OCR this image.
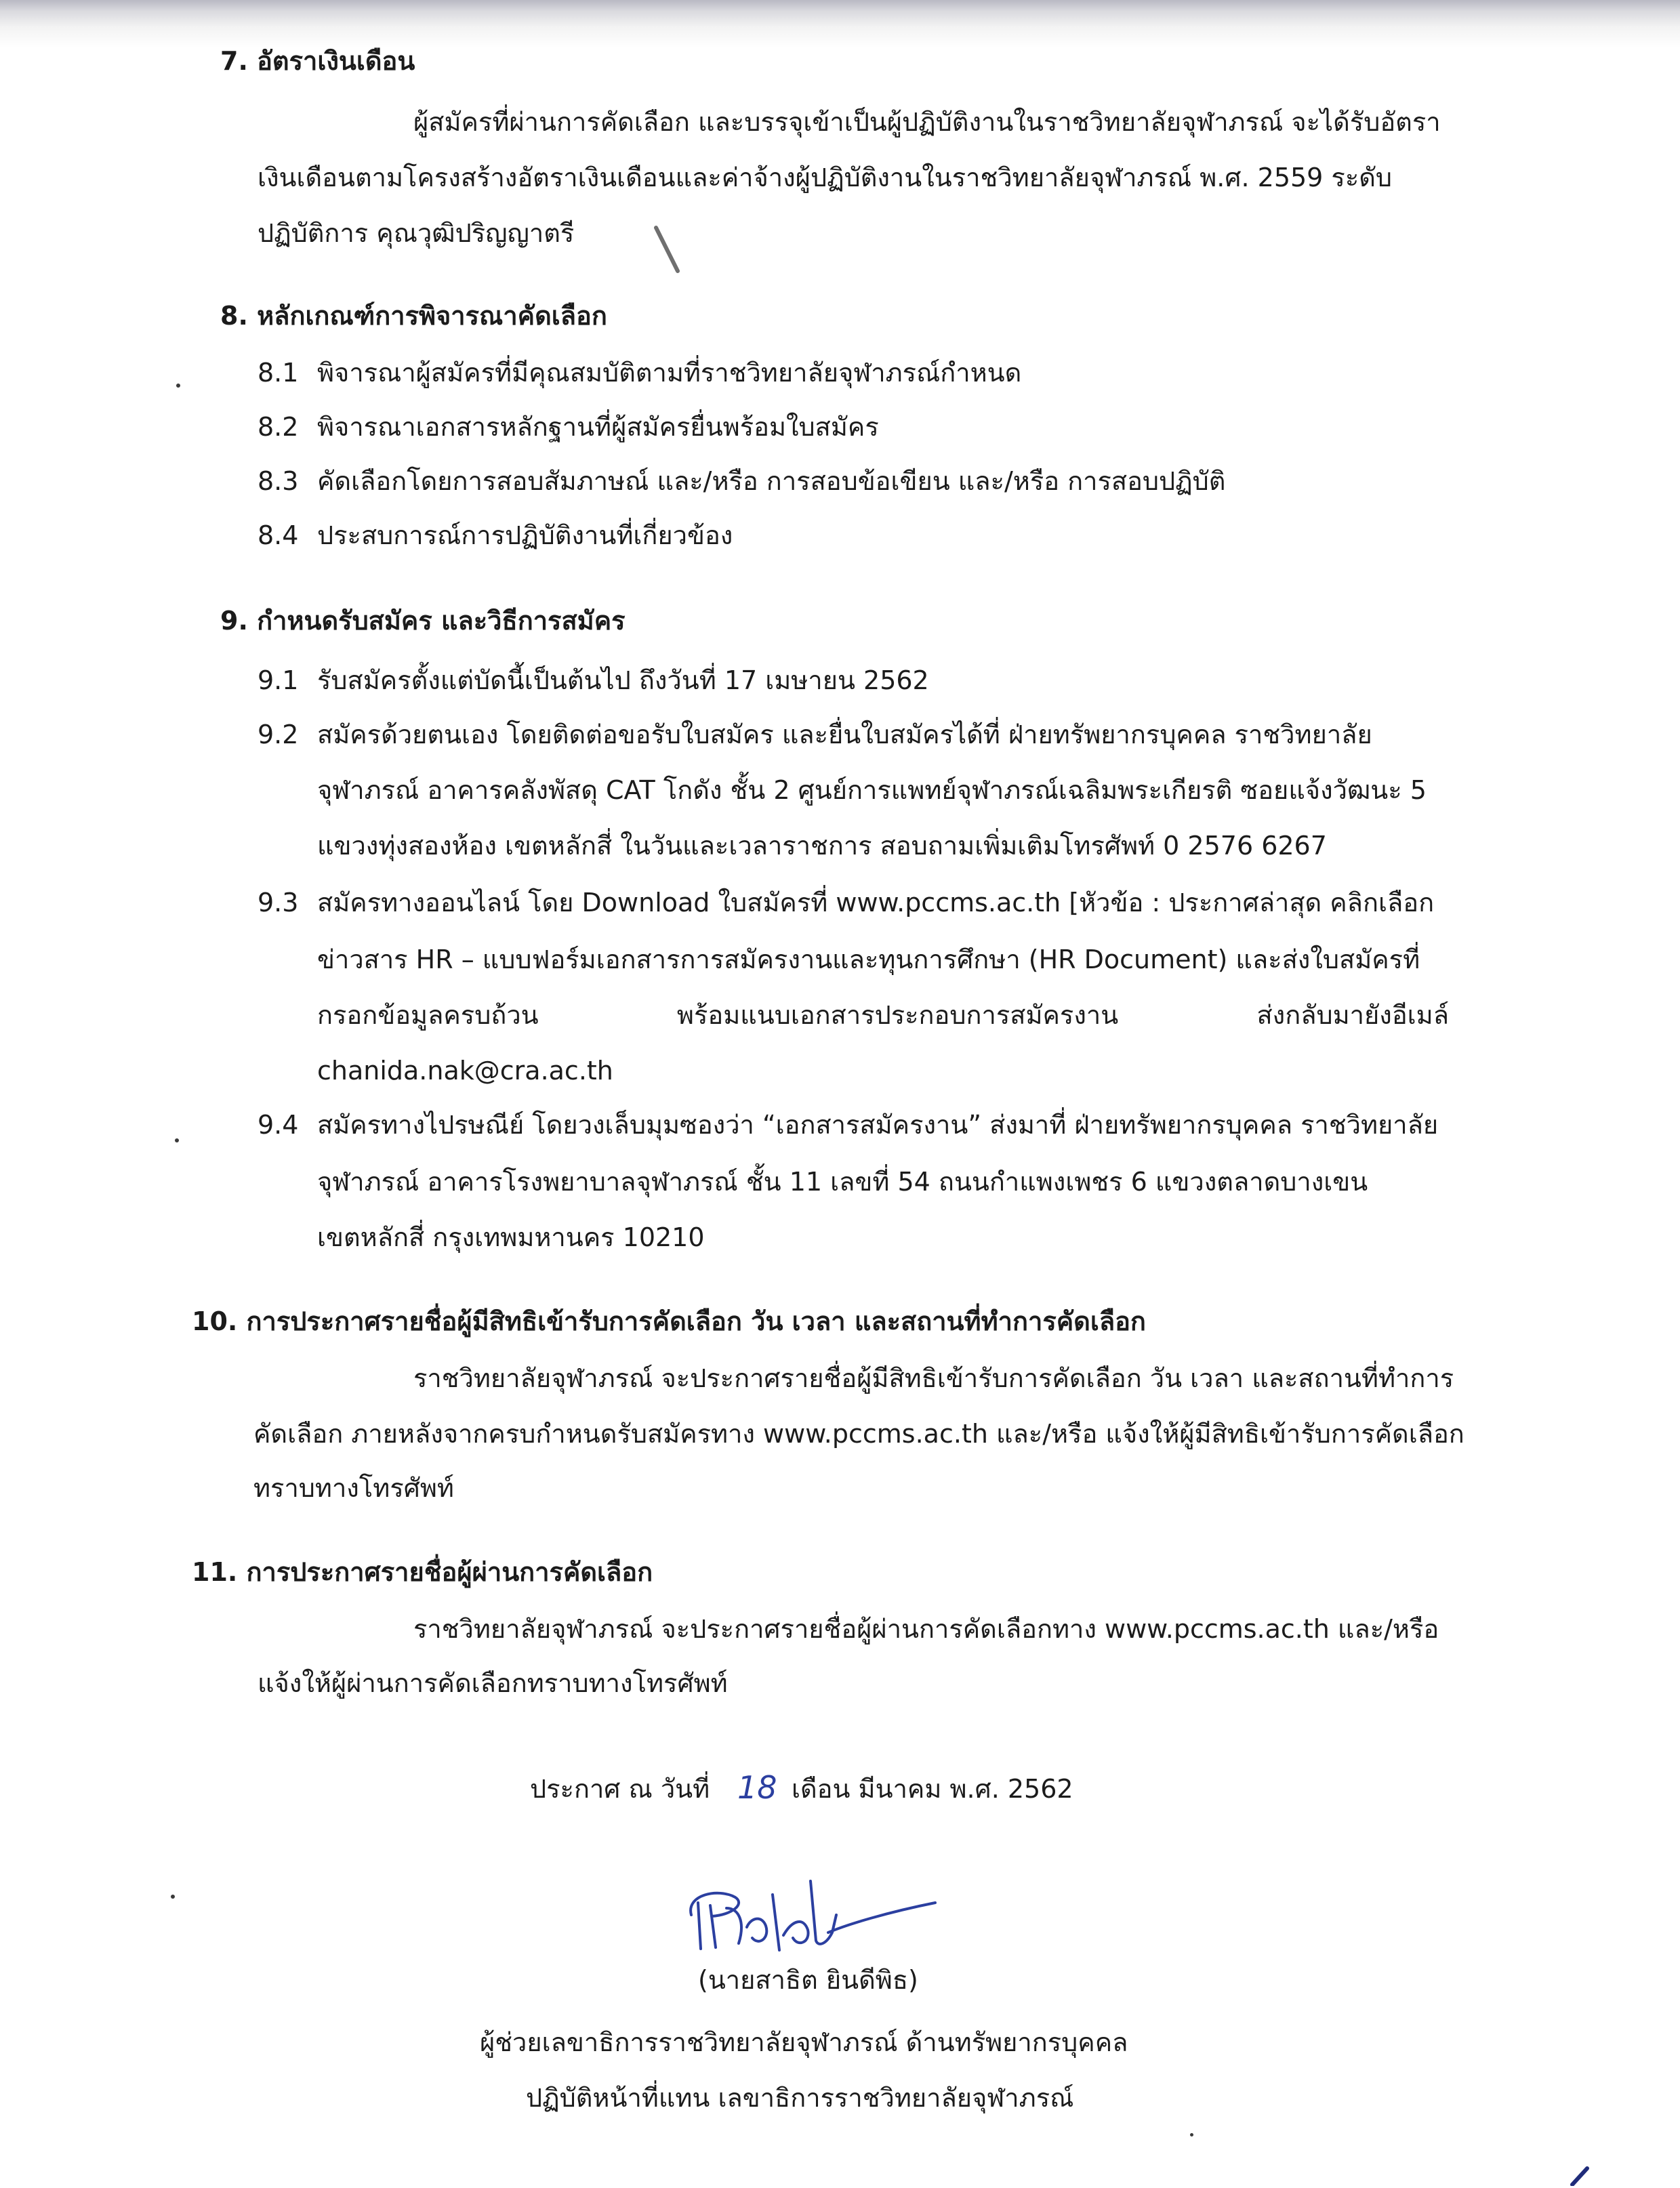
7. อัตราเงินเดือน
ผู้สมัครที่ผ่านการคัดเลือก และบรรจุเข้าเป็นผู้ปฏิบัติงานในราชวิทยาลัยจุฬาภรณ์ จะได้รับอัตรา
เงินเดือนตามโครงสร้างอัตราเงินเดือนและค่าจ้างผู้ปฏิบัติงานในราชวิทยาลัยจุฬาภรณ์ พ.ศ. 2559 ระดับ
ปฏิบัติการ คุณวุฒิปริญญาตรี
8. หลักเกณฑ์การพิจารณาคัดเลือก
8.1 พิจารณาผู้สมัครที่มีคุณสมบัติตามที่ราชวิทยาลัยจุฬาภรณ์กำหนด
8.2 พิจารณาเอกสารหลักฐานที่ผู้สมัครยื่นพร้อมใบสมัคร
8.3 คัดเลือกโดยการสอบสัมภาษณ์ และ/หรือ การสอบข้อเขียน และ/หรือ การสอบปฏิบัติ
8.4 ประสบการณ์การปฏิบัติงานที่เกี่ยวข้อง
9. กำหนดรับสมัคร และวิธีการสมัคร
9.1 รับสมัครตั้งแต่บัดนี้เป็นต้นไป ถึงวันที่ 17 เมษายน 2562
9.2 สมัครด้วยตนเอง โดยติดต่อขอรับใบสมัคร และยื่นใบสมัครได้ที่ ฝ่ายทรัพยากรบุคคล ราชวิทยาลัย
จุฬาภรณ์ อาคารคลังพัสดุ CAT โกดัง ชั้น 2 ศูนย์การแพทย์จุฬาภรณ์เฉลิมพระเกียรติ ซอยแจ้งวัฒนะ 5
แขวงทุ่งสองห้อง เขตหลักสี่ ในวันและเวลาราชการ สอบถามเพิ่มเติมโทรศัพท์ 0 2576 6267
9.3 สมัครทางออนไลน์ โดย Download ใบสมัครที่ www.pccms.ac.th [หัวข้อ : ประกาศล่าสุด คลิกเลือก
ข่าวสาร HR – แบบฟอร์มเอกสารการสมัครงานและทุนการศึกษา (HR Document) และส่งใบสมัครที่
กรอกข้อมูลครบถ้วน พร้อมแนบเอกสารประกอบการสมัครงาน ส่งกลับมายังอีเมล์
chanida.nak@cra.ac.th
9.4 สมัครทางไปรษณีย์ โดยวงเล็บมุมซองว่า “เอกสารสมัครงาน” ส่งมาที่ ฝ่ายทรัพยากรบุคคล ราชวิทยาลัย
จุฬาภรณ์ อาคารโรงพยาบาลจุฬาภรณ์ ชั้น 11 เลขที่ 54 ถนนกำแพงเพชร 6 แขวงตลาดบางเขน
เขตหลักสี่ กรุงเทพมหานคร 10210
10. การประกาศรายชื่อผู้มีสิทธิเข้ารับการคัดเลือก วัน เวลา และสถานที่ทำการคัดเลือก
ราชวิทยาลัยจุฬาภรณ์ จะประกาศรายชื่อผู้มีสิทธิเข้ารับการคัดเลือก วัน เวลา และสถานที่ทำการ
คัดเลือก ภายหลังจากครบกำหนดรับสมัครทาง www.pccms.ac.th และ/หรือ แจ้งให้ผู้มีสิทธิเข้ารับการคัดเลือก
ทราบทางโทรศัพท์
11. การประกาศรายชื่อผู้ผ่านการคัดเลือก
ราชวิทยาลัยจุฬาภรณ์ จะประกาศรายชื่อผู้ผ่านการคัดเลือกทาง www.pccms.ac.th และ/หรือ
แจ้งให้ผู้ผ่านการคัดเลือกทราบทางโทรศัพท์
ประกาศ ณ วันที่ 18 เดือน มีนาคม พ.ศ. 2562
(นายสาธิต ยินดีพิธ)
ผู้ช่วยเลขาธิการราชวิทยาลัยจุฬาภรณ์ ด้านทรัพยากรบุคคล
ปฏิบัติหน้าที่แทน เลขาธิการราชวิทยาลัยจุฬาภรณ์
